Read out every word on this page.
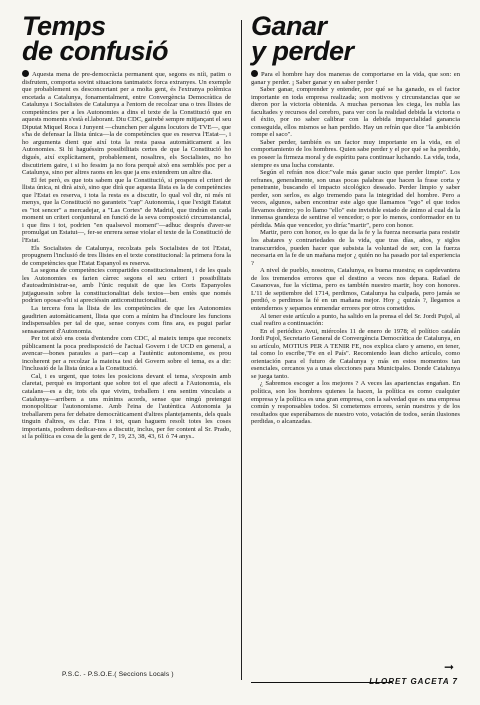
Temps
de confusió

Aquesta mena de pre-democràcia permanent que, segons es niíi, patim o disfrutem, comporta sovint situacions tantmateix forca extranyes. Un exemple que probablement es desconcertant per a molta gent, és l'extranya polèmica encetada a Catalunya, fonamentalment, entre Convergència Democràtica de Catalunya i Socialistes de Catalunya a l'entorn de recolzar una o tres llistes de competències per a les Autonomies a dins el texte de la Constitució que en aquests moments s'està el.laborant. Diu CDC, gairebé sempre mitjançant el seu Diputat Miquel Roca i Junyent —chunchen per alguns locutors de TVE—, que s'ha de defensar la llista única—la de competències que es reserva l'Estat—, i ho argumenta dient que així tota la resta passa automàticament a les Autonomies. Si hi haguéssim possibilitats certes de que la Constitució ho digués, així explícitament, probablement, nosaltres, els Socialistes, no ho discutiriem gaire, i si ho fessim ja no fora perquè això ens semblés poc per a Catalunya, sino per altres raons en les que ja ens extendrem un altre dia.

El fet però, es que tots sabem que la Constitució, si prospera el criteri de llista única, ni dirà això, sino que dirà que aquesta llista es la de competències que l'Estat es reserva, i tota la resta es a discutir, lo qual vol dir, ni més ni menys, que la Constitució no garanteix "cap" Autonomia, i que l'exigit Estatut es "tot sencer" a mercadejar, a "Las Cortes" de Madrid, que tindràn en cada moment un criteri conjuntural en funció de la seva composició circumstancial, i que fins i tot, podrien "en qualsevol moment"—adhuc després d'aver-se promulgat un Estatut—, fer-se enrrera sense violar el texte de la Constitució de l'Estat.

Els Socialistes de Catalunya, recolzats pels Socialistes de tot l'Estat, propugnem l'inclusió de tres llistes en el texte constitucional: la primera fora la de competències que l'Estat Espanyol es reserva.

La segona de competències compartides constitucionalment, i de les quals les Autonomies es farien càrrec segons el seu criteri i possibilitats d'autoadministrar-se, amb l'únic requisit de que les Corts Espanyoles jutjaguessin sobre la constitucionalitat dels textos—ben entès que només podrien oposar-s'hi si apreciéssin anticonstitucionalitat.

La tercera fora la llista de les competències de que les Autonomies gaudirien automàticament, llista que com a mínim ha d'incloure les funcions indispensables per tal de que, sense conyes com fins ara, es pugui parlar sensasament d'Autonomia.

Per tot això ens costa d'entendre com CDC, al mateix temps que reconeix públicament la poca predisposició de l'actual Govern i de UCD en general, a avencar—bones paraules a part—cap a l'autèntic autonomisme, es prou incoherent per a recolzar la mateixa tesi del Govern sobre el tema, es a dir: l'inclussió de la llista única a la Constitució.

Cal, i es urgent, que totes les posicions devant el tema, s'exposin amb claretat, perquè es important que sobre tot el que afecti a l'Autonomia, els catalans—es a dir, tots els que vivim, treballem i ens sentim vinculats a Catalunya—arribem a uns mínims acords, sense que ningú pretengui monopolitzar l'autonomisme. Amb l'eina de l'autèntica Autonomia ja treballarem pera fer debatre democràticament d'altres plantejaments, dels quals tinguin d'altres, es clar. Fins i tot, quan haguem resolt totes les coses importants, podrem dedicar-nos a discutir, inclus, per fer content al Sr. Prado, si la política es cosa de la gent de 7, 19, 23, 38, 43, 61 ó 74 anys..

Ganar
y perder

Para el hombre hay dos maneras de comportarse en la vida, que son: en ganar y perder. ¡ Saber ganar y en saber perder !

Saber ganar, comprender y entender, por qué se ha ganado, es el factor importante en toda empresa realizada; son motivos y circunstancias que se dieron por la victoria obtenida. A muchas personas les ciega, les nubla las facultades y recursos del cerebro, para ver con la realidad debida la victoria o el éxito, por no saber calibrar con la debida imparcialidad ganancia conseguida, ellos mismos se han perdido. Hay un refrán que dice "la ambición rompe el saco".

Saber perder, también es un factor muy importante en la vida, en el comportamiento de los hombres. Quien sabe perder y el por qué se ha perdido, es poseer la firmeza moral y de espíritu para continuar luchando. La vida, toda, siempre es una lucha constante.

Según el refrán nos dice:"vale más ganar sucio que perder limpio". Los refranes, generalmente, son unas pocas palabras que hacen la frase corta y penetrante, buscando el impacto sicológico deseado. Perder limpio y saber perder, son serlos, es algo tremendo para la integridad del hombre. Pero a veces, algunos, saben encontrar este algo que llamamos "ego" el que todos llevamos dentro; yo lo llamo "ello" este invisible estado de ánimo al cual da la inmensa grandeza de sentirse el vencedor; o por lo menos, conformador en tu pérdida. Más que vencedor, yo diría:"martir", pero con honor.

Martir, pero con honor, es lo que da la fe y la fuerza necesaria para resistir los abatares y contrariedades de la vida, que tras días, años, y siglos transcurridos, pueden hacer que subsista la voluntad de ser, con la fuerza necesaria en la fe de un mañana mejor ¿ quién no ha pasado por tal experiencia ?

A nivel de pueblo, nosotros, Catalunya, es buena muestra; es capdevantera de los tremendos errores que el destino a veces nos depara. Rafael de Casanovas, fue la víctima, pero es también nuestro martir, hoy con honores. L'11 de septiembre del 1714, perdimos, Catalunya ha culpada, pero jamás se perdió, o perdimos la fé en un mañana mejor. Hoy ¿ quizás ?, llegamos a entendernos y sepamos enmendar errores por otros cometidos.

Al tener este artículo a punto, ha salido en la prensa el del Sr. Jordi Pujol, al cual reafiro a continuación:

En el periódico Avui, miércoles 11 de enero de 1978; el político catalán Jordi Pujol, Secretario General de Convergència Democràtica de Catalunya, en su artículo, MOTIUS PER A TENIR FE, nos explica claro y ameno, en tener, tal como lo escribe,"Fe en el País". Recomiendo lean dicho artículo, como orientación para el futuro de Catalunya y más en estos momentos tan esenciales, cercanos ya a unas elecciones para Municipales. Donde Catalunya se juega tanto.

¿ Sabremos escoger a los mejores ? A veces las apariencias engañan. En política, son los hombres quienes la hacen, la política es como cualquier empresa y la política es una gran empresa, con la salvedad que es una empresa común y responsables todos. Si cometemos errores, serán nuestros y de los resultados que esperábamos de nuestro voto, votación de todos, serán ilusiones perdidas, o alcanzadas.

P.S.C. - P.S.O.E.( Seccions Locals )
➞
LLORET GACETA 7
